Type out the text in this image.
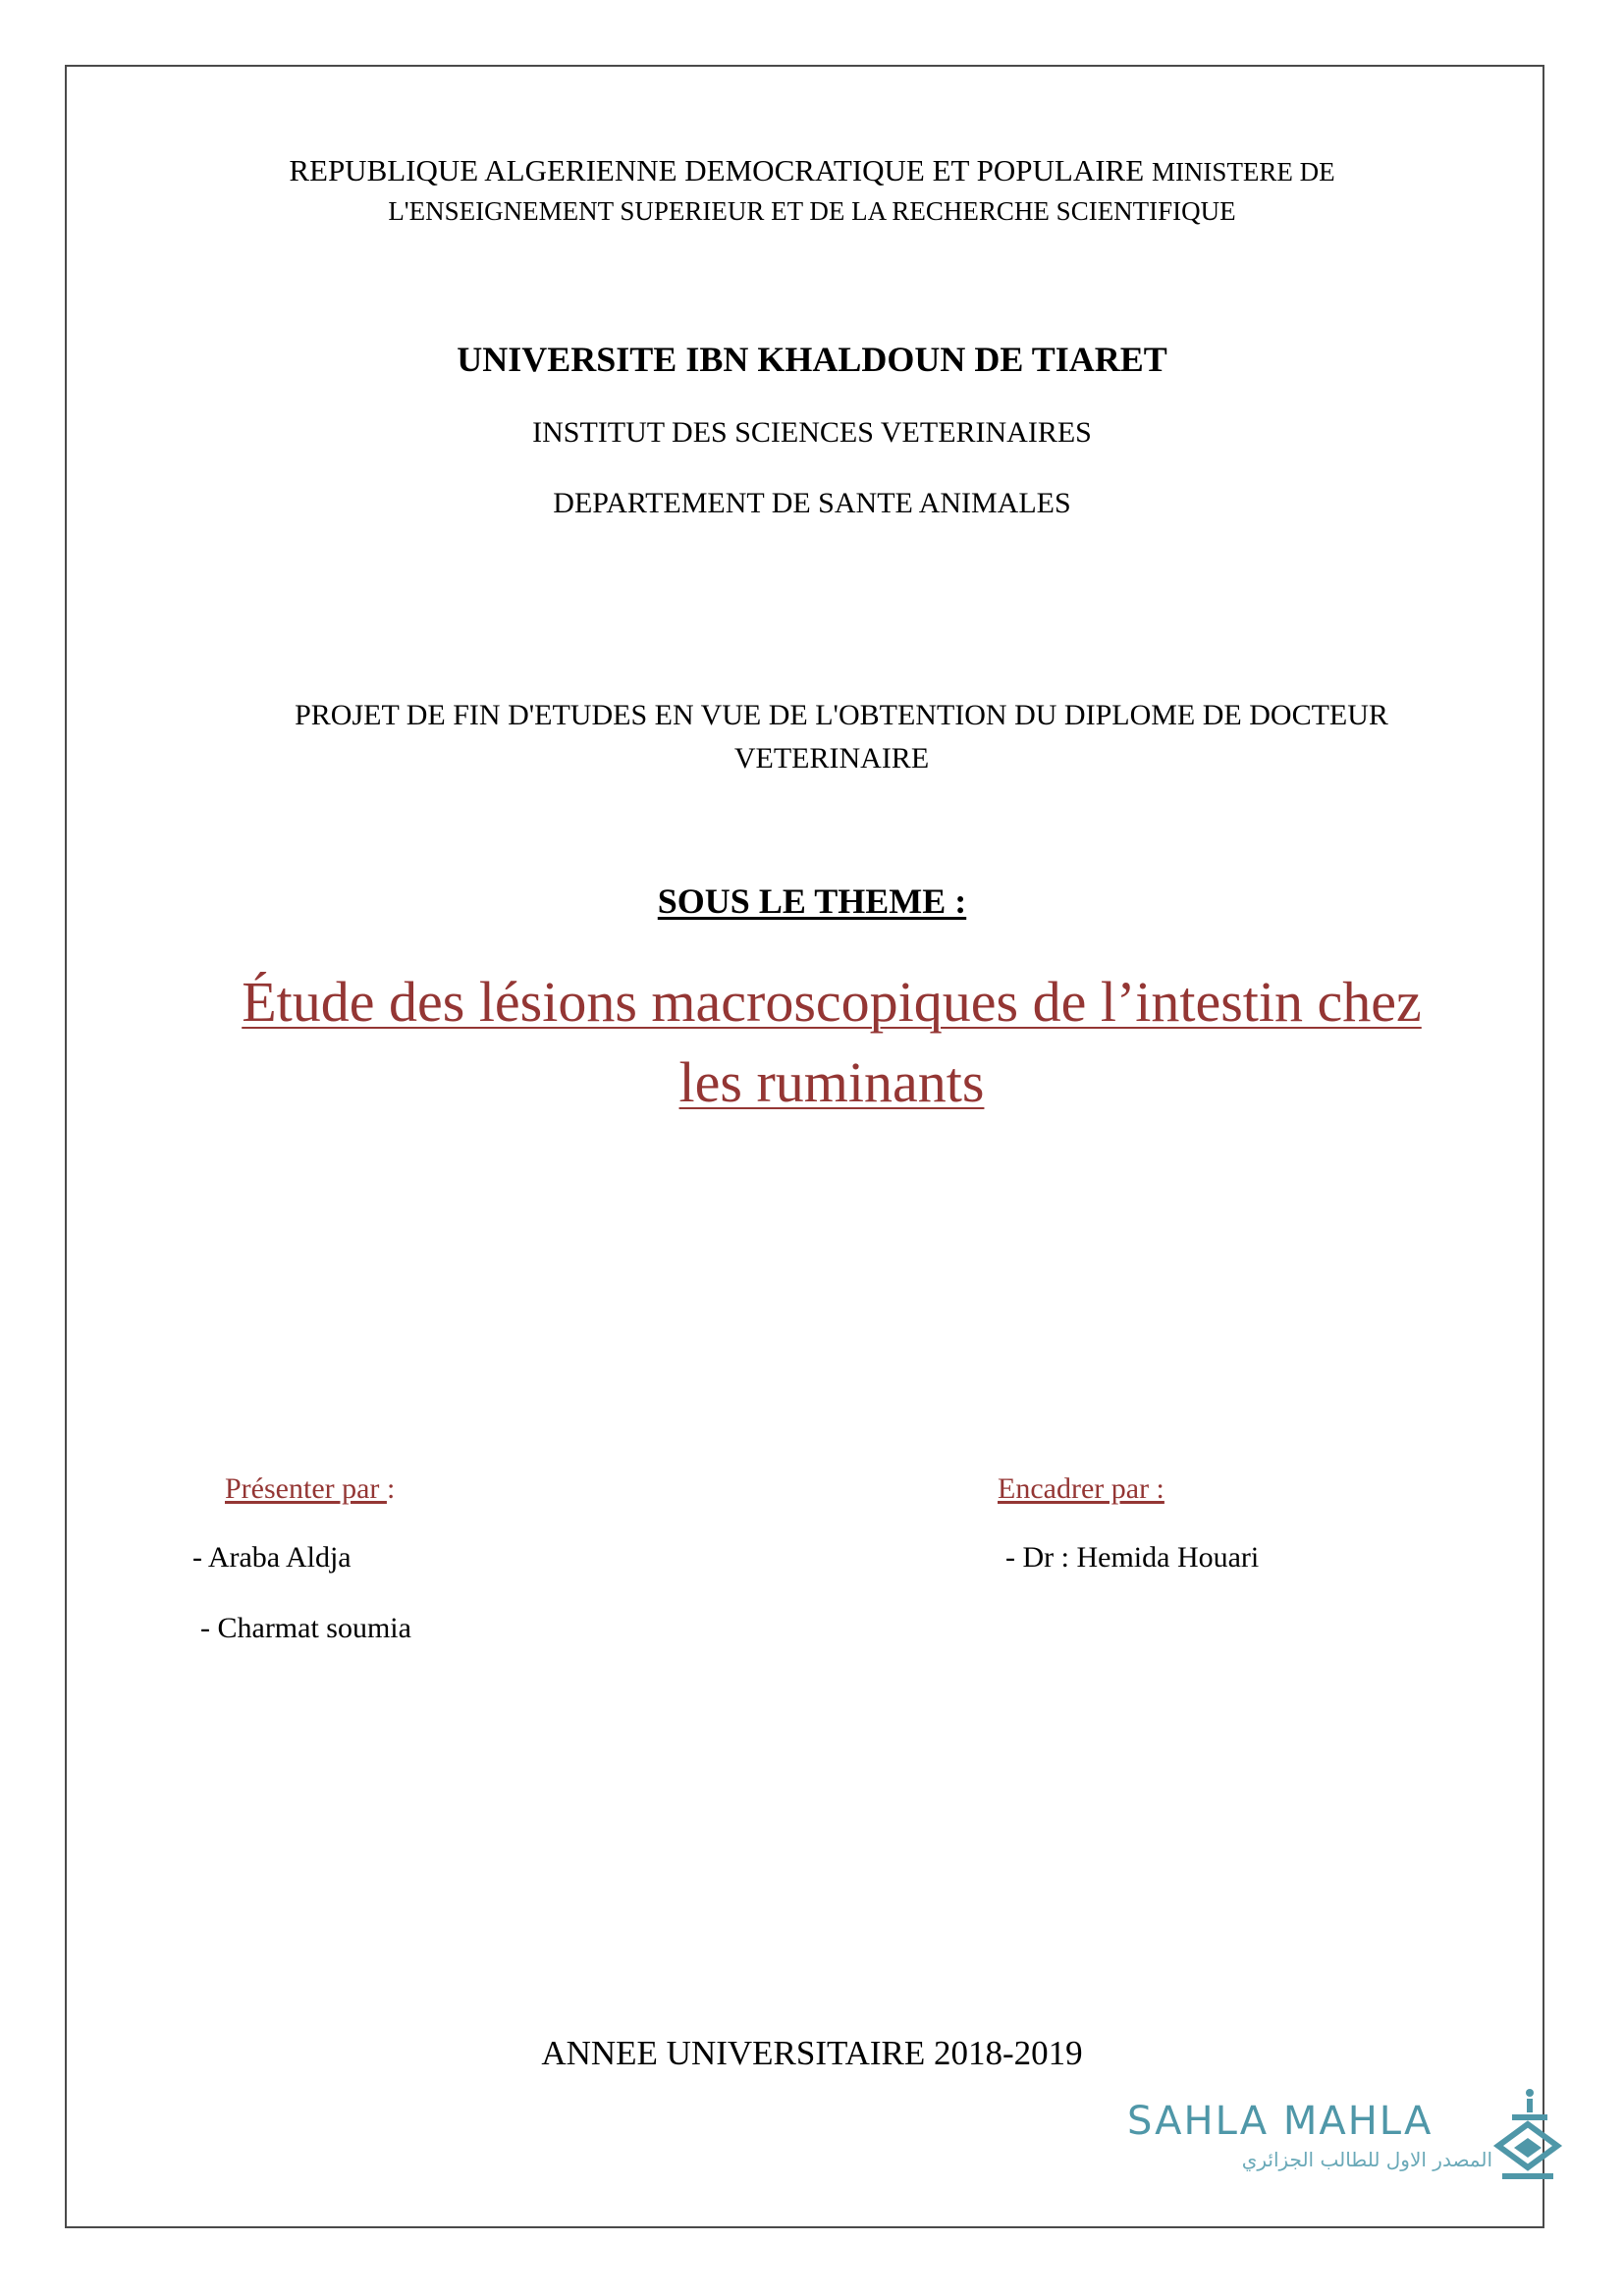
REPUBLIQUE ALGERIENNE DEMOCRATIQUE ET POPULAIRE MINISTERE DE
L'ENSEIGNEMENT SUPERIEUR ET DE LA RECHERCHE SCIENTIFIQUE
UNIVERSITE IBN KHALDOUN DE TIARET
INSTITUT DES SCIENCES VETERINAIRES
DEPARTEMENT DE SANTE ANIMALES
PROJET DE FIN D'ETUDES EN VUE DE L'OBTENTION DU DIPLOME DE DOCTEUR
VETERINAIRE
SOUS LE THEME :
Étude des lésions macroscopiques de l’intestin chez
les ruminants
Présenter par :
- Araba Aldja
- Charmat soumia
Encadrer par :
- Dr : Hemida Houari
ANNEE UNIVERSITAIRE 2018-2019
SAHLA MAHLA
المصدر الاول للطالب الجزائري
